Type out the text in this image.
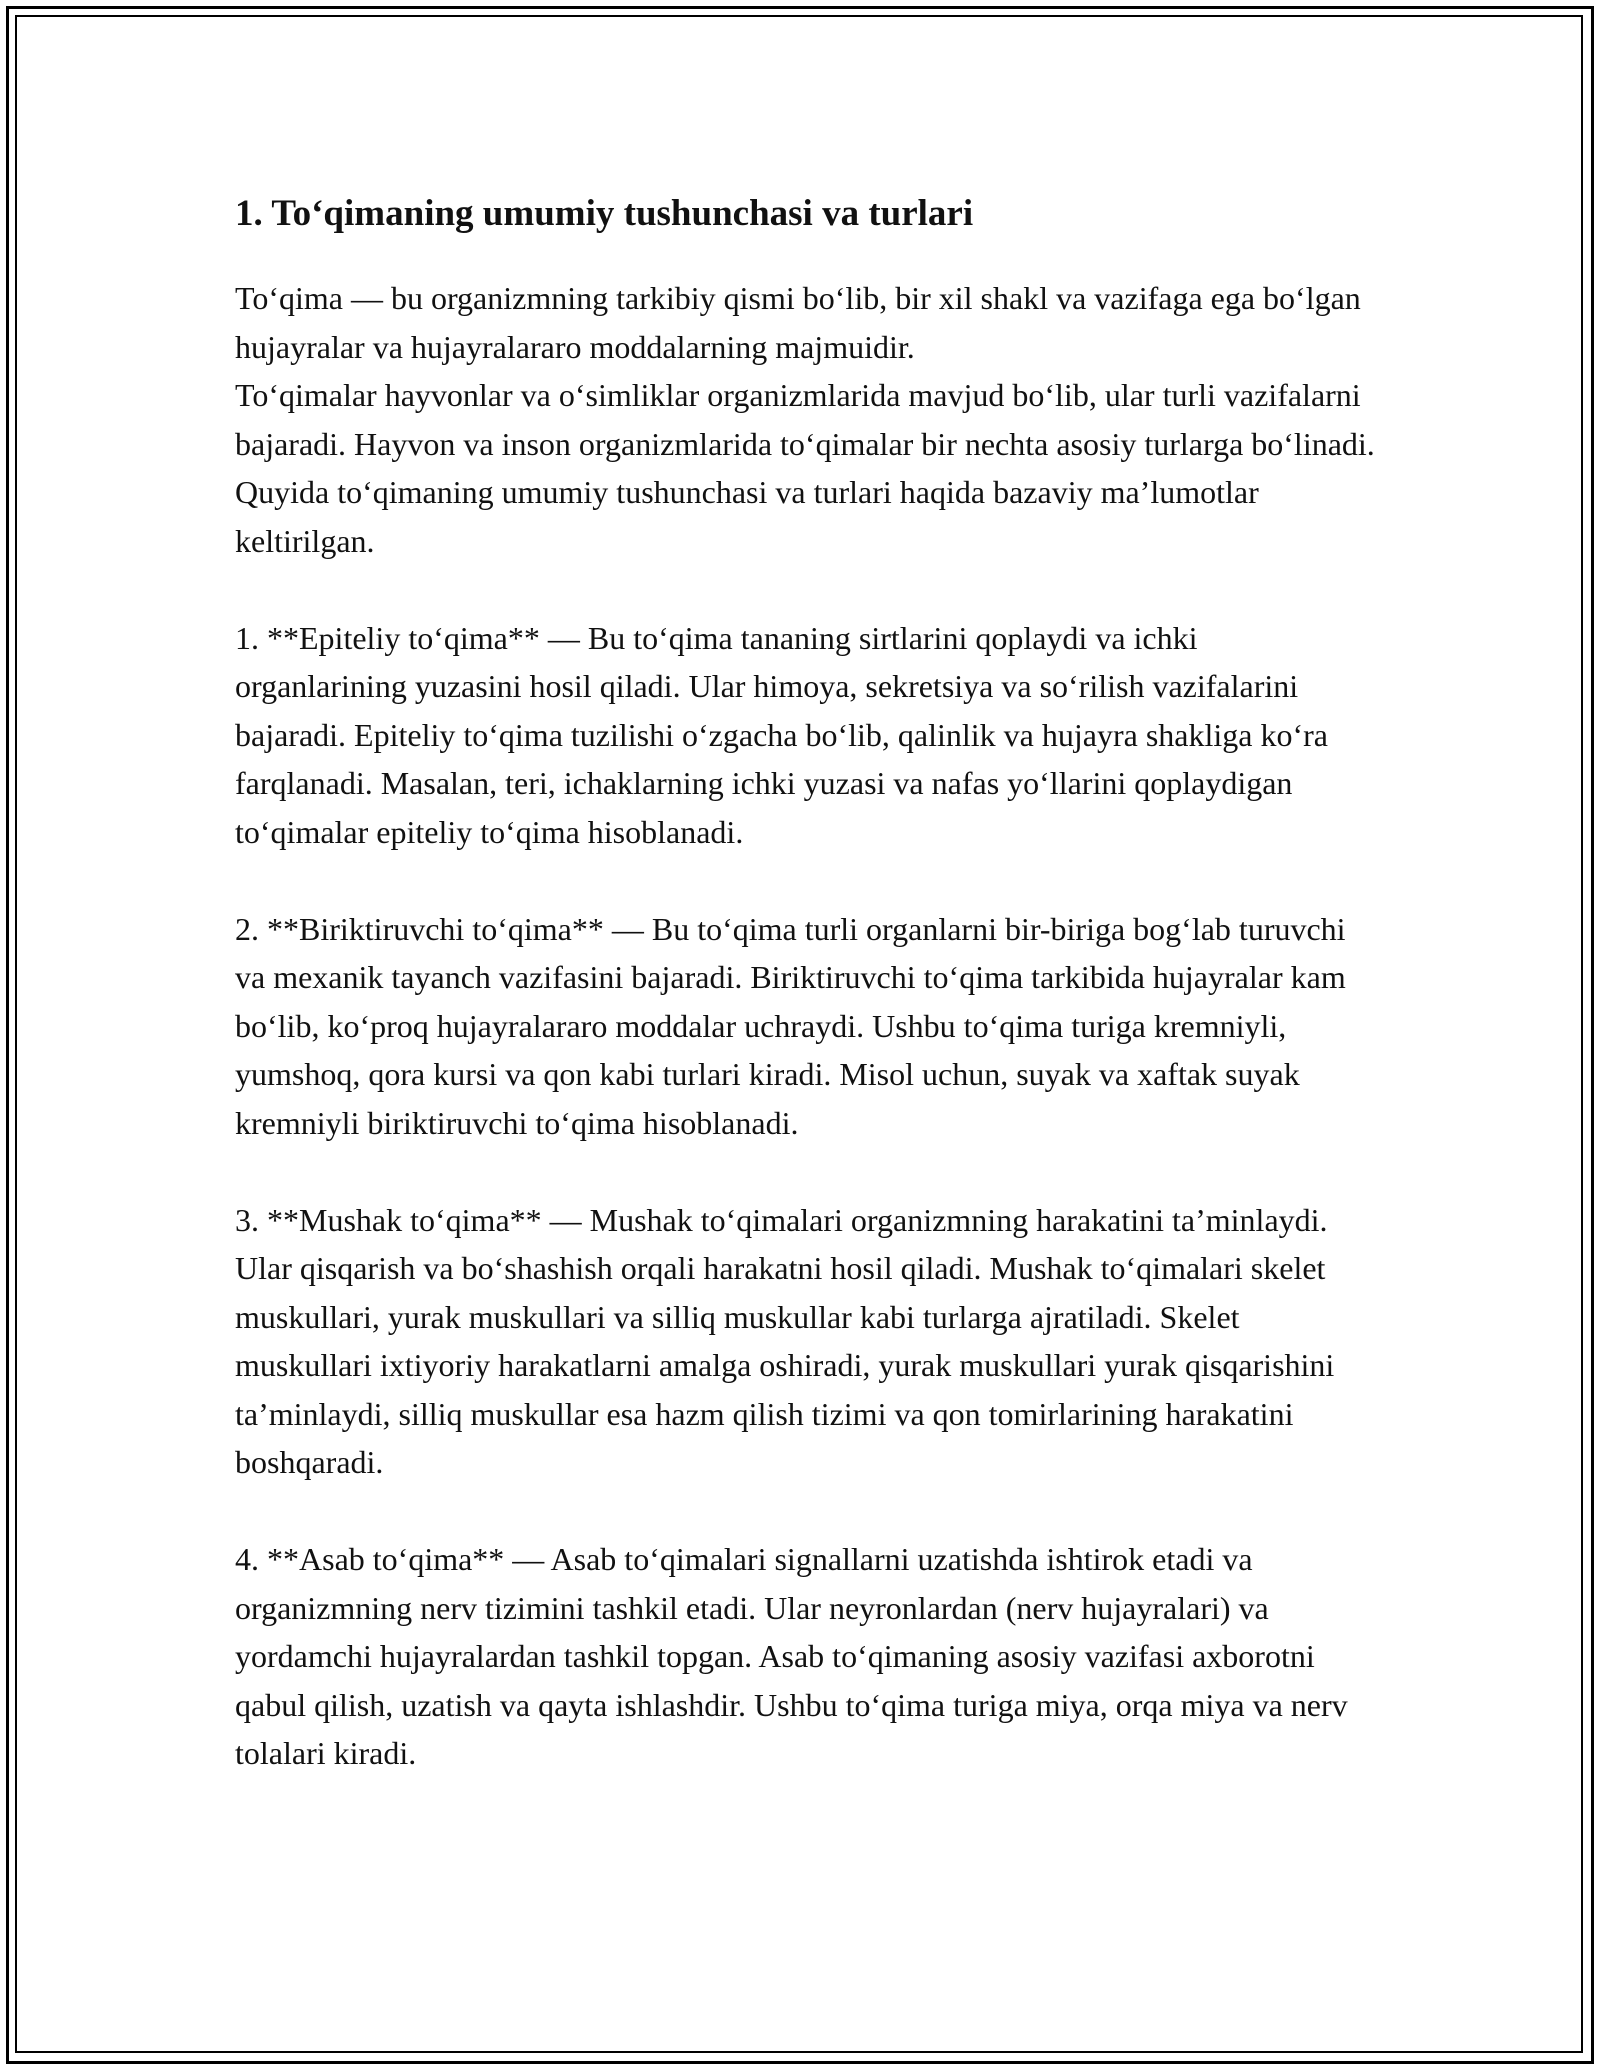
1. To‘qimaning umumiy tushunchasi va turlari

To‘qima — bu organizmning tarkibiy qismi bo‘lib, bir xil shakl va vazifaga ega bo‘lgan hujayralar va hujayralararo moddalarning majmuidir.

To‘qimalar hayvonlar va o‘simliklar organizmlarida mavjud bo‘lib, ular turli vazifalarni bajaradi. Hayvon va inson organizmlarida to‘qimalar bir nechta asosiy turlarga bo‘linadi. Quyida to‘qimaning umumiy tushunchasi va turlari haqida bazaviy ma’lumotlar keltirilgan.

1. **Epiteliy to‘qima** — Bu to‘qima tananing sirtlarini qoplaydi va ichki organlarining yuzasini hosil qiladi. Ular himoya, sekretsiya va so‘rilish vazifalarini bajaradi. Epiteliy to‘qima tuzilishi o‘zgacha bo‘lib, qalinlik va hujayra shakliga ko‘ra farqlanadi. Masalan, teri, ichaklarning ichki yuzasi va nafas yo‘llarini qoplaydigan to‘qimalar epiteliy to‘qima hisoblanadi.

2. **Biriktiruvchi to‘qima** — Bu to‘qima turli organlarni bir-biriga bog‘lab turuvchi va mexanik tayanch vazifasini bajaradi. Biriktiruvchi to‘qima tarkibida hujayralar kam bo‘lib, ko‘proq hujayralararo moddalar uchraydi. Ushbu to‘qima turiga kremniyli, yumshoq, qora kursi va qon kabi turlari kiradi. Misol uchun, suyak va xaftak suyak kremniyli biriktiruvchi to‘qima hisoblanadi.

3. **Mushak to‘qima** — Mushak to‘qimalari organizmning harakatini ta’minlaydi. Ular qisqarish va bo‘shashish orqali harakatni hosil qiladi. Mushak to‘qimalari skelet muskullari, yurak muskullari va silliq muskullar kabi turlarga ajratiladi. Skelet muskullari ixtiyoriy harakatlarni amalga oshiradi, yurak muskullari yurak qisqarishini ta’minlaydi, silliq muskullar esa hazm qilish tizimi va qon tomirlarining harakatini boshqaradi.

4. **Asab to‘qima** — Asab to‘qimalari signallarni uzatishda ishtirok etadi va organizmning nerv tizimini tashkil etadi. Ular neyronlardan (nerv hujayralari) va yordamchi hujayralardan tashkil topgan. Asab to‘qimaning asosiy vazifasi axborotni qabul qilish, uzatish va qayta ishlashdir. Ushbu to‘qima turiga miya, orqa miya va nerv tolalari kiradi.
